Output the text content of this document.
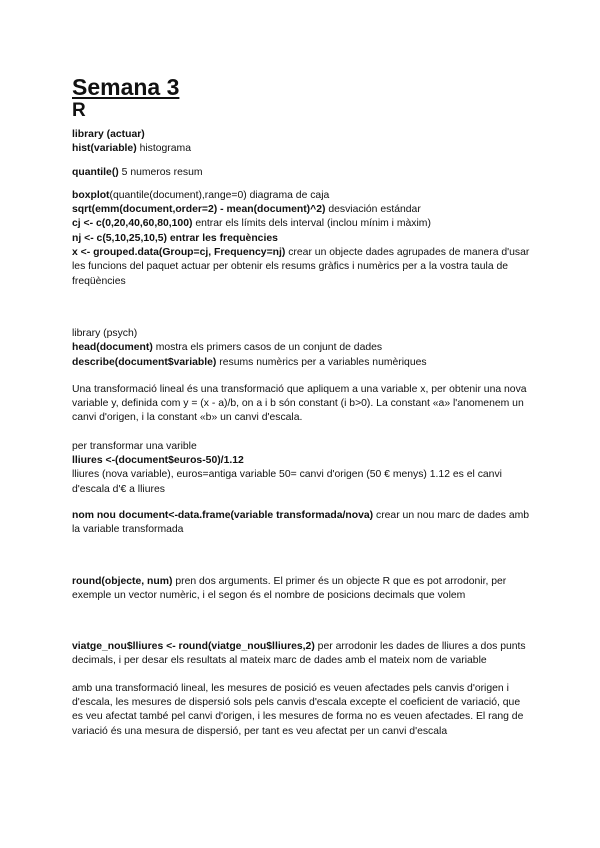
Semana 3
R

library (actuar)

hist(variable) histograma

quantile() 5 numeros resum

boxplot(quantile(document),range=0) diagrama de caja

sqrt(emm(document,order=2) - mean(document)^2) desviación estándar

cj <- c(0,20,40,60,80,100) entrar els límits dels interval (inclou mínim i màxim)

nj <- c(5,10,25,10,5) entrar les frequències

x <- grouped.data(Group=cj, Frequency=nj) crear un objecte dades agrupades de manera d'usar les funcions del paquet actuar per obtenir els resums gràfics i numèrics per a la vostra taula de freqüències

library (psych)

head(document) mostra els primers casos de un conjunt de dades

describe(document$variable) resums numèrics per a variables numèriques

Una transformació lineal és una transformació que apliquem a una variable x, per obtenir una nova variable y, definida com y = (x - a)/b, on a i b són constant (i b>0). La constant «a» l'anomenem un canvi d'origen, i la constant «b» un canvi d'escala.

per transformar una varible

lliures <-(document$euros-50)/1.12

lliures (nova variable), euros=antiga variable 50= canvi d'origen (50 € menys) 1.12 es el canvi d'escala d'€ a lliures

nom nou document<-data.frame(variable transformada/nova) crear un nou marc de dades amb la variable transformada

round(objecte, num) pren dos arguments. El primer és un objecte R que es pot arrodonir, per exemple un vector numèric, i el segon és el nombre de posicions decimals que volem

viatge_nou$lliures <- round(viatge_nou$lliures,2) per arrodonir les dades de lliures a dos punts decimals, i per desar els resultats al mateix marc de dades amb el mateix nom de variable

amb una transformació lineal, les mesures de posició es veuen afectades pels canvis d'origen i d'escala, les mesures de dispersió sols pels canvis d'escala excepte el coeficient de variació, que es veu afectat també pel canvi d'origen, i les mesures de forma no es veuen afectades. El rang de variació és una mesura de dispersió, per tant es veu afectat per un canvi d'escala
